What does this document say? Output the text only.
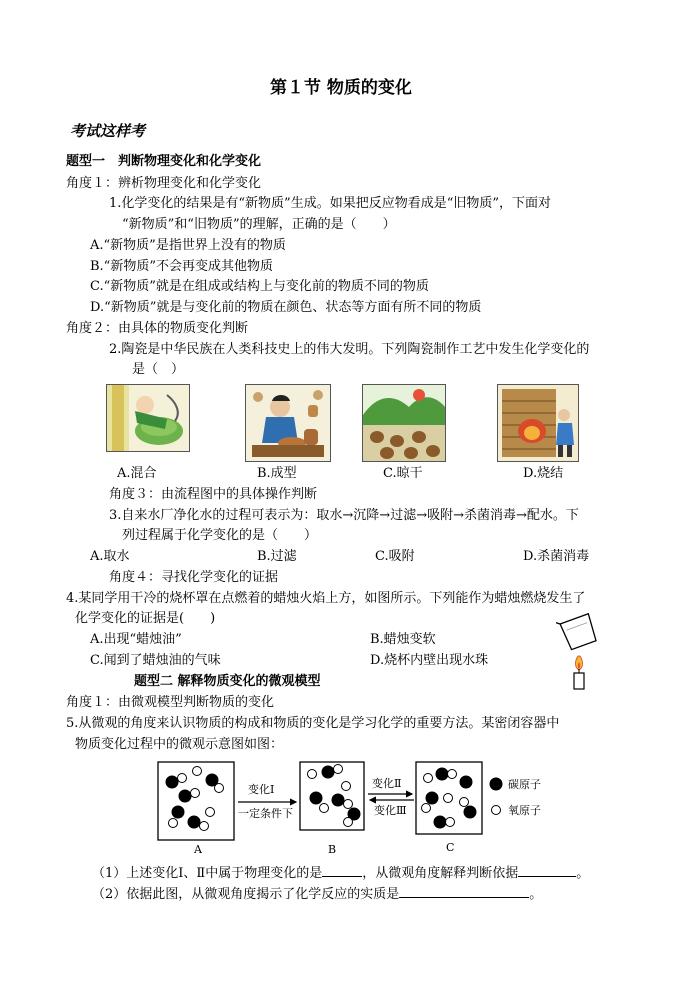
第１节 物质的变化
考试这样考
题型一　判断物理变化和化学变化
角度１：辨析物理变化和化学变化
1.化学变化的结果是有“新物质”生成。如果把反应物看成是“旧物质”，下面对
“新物质”和“旧物质”的理解，正确的是（　　）
A.“新物质”是指世界上没有的物质
B.“新物质”不会再变成其他物质
C.“新物质”就是在组成或结构上与变化前的物质不同的物质
D.“新物质”就是与变化前的物质在颜色、状态等方面有所不同的物质
角度２：由具体的物质变化判断
2.陶瓷是中华民族在人类科技史上的伟大发明。下列陶瓷制作工艺中发生化学变化的
是（　）
A.混合	B.成型	C.晾干	D.烧结
角度３：由流程图中的具体操作判断
3.自来水厂净化水的过程可表示为：取水→沉降→过滤→吸附→杀菌消毒→配水。下
列过程属于化学变化的是（　　）
A.取水	B.过滤	C.吸附	D.杀菌消毒
角度４：寻找化学变化的证据
4.某同学用干冷的烧杯罩在点燃着的蜡烛火焰上方，如图所示。下列能作为蜡烛燃烧发生了
化学变化的证据是(　　)
A.出现“蜡烛油”	B.蜡烛变软
C.闻到了蜡烛油的气味	D.烧杯内壁出现水珠
题型二 解释物质变化的微观模型
角度１：由微观模型判断物质的变化
5.从微观的角度来认识物质的构成和物质的变化是学习化学的重要方法。某密闭容器中
物质变化过程中的微观示意图如图：
变化Ⅰ
一定条件下
变化Ⅱ
变化Ⅲ
碳原子
氧原子
A	B	C
（1）上述变化Ⅰ、Ⅱ中属于物理变化的是	，从微观角度解释判断依据	。
（2）依据此图，从微观角度揭示了化学反应的实质是	。
